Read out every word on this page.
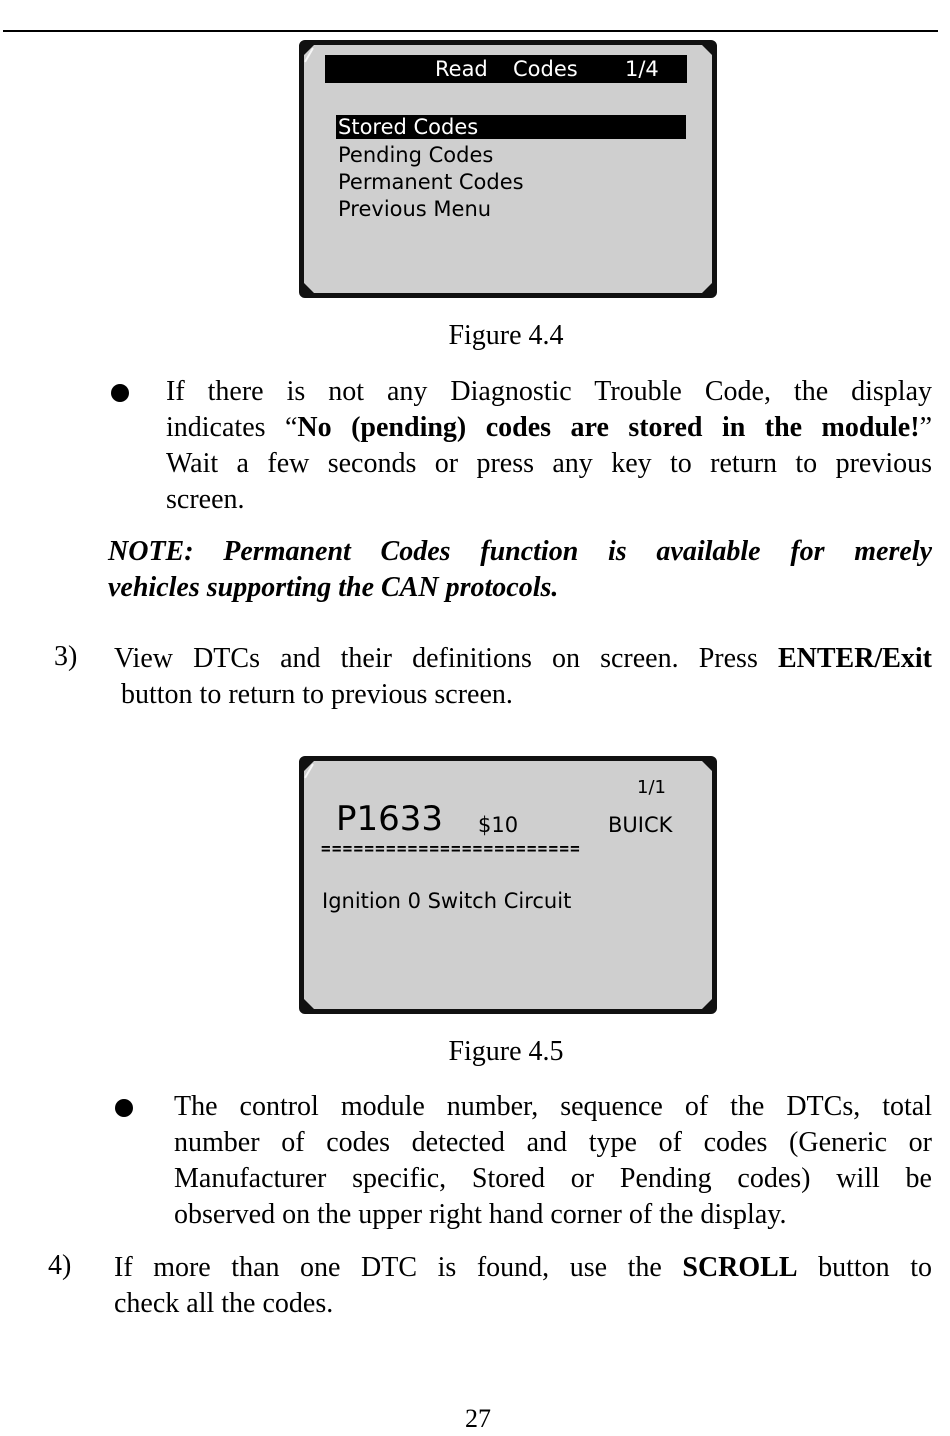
Read Codes 1/4
Stored Codes
Pending Codes
Permanent Codes
Previous Menu
Figure 4.4
If there is not any Diagnostic Trouble Code, the display
indicates “No (pending) codes are stored in the module!”
Wait a few seconds or press any key to return to previous
screen.
NOTE: Permanent Codes function is available for merely
vehicles supporting the CAN protocols.
3) View DTCs and their definitions on screen. Press ENTER/Exit
button to return to previous screen.
1/1
P1633 $10	BUICK
========================
Ignition 0 Switch Circuit
Figure 4.5
The control module number, sequence of the DTCs, total
number of codes detected and type of codes (Generic or
Manufacturer specific, Stored or Pending codes) will be
observed on the upper right hand corner of the display.
4) If more than one DTC is found, use the SCROLL button to
check all the codes.
27
